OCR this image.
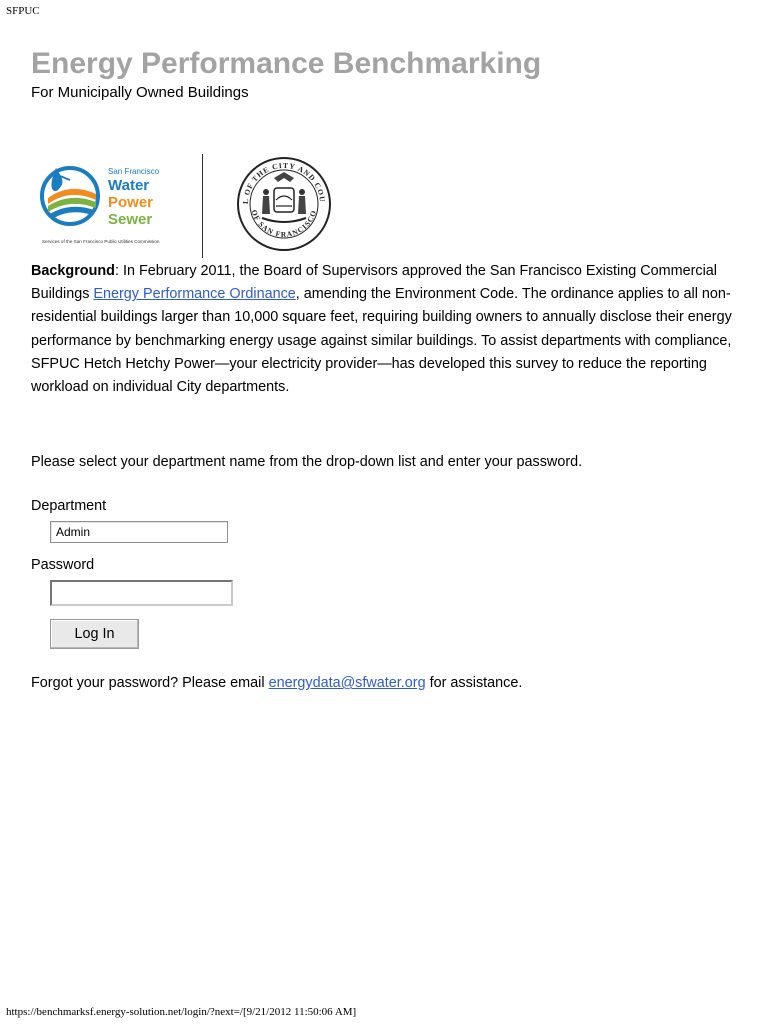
SFPUC
Energy Performance Benchmarking
For Municipally Owned Buildings
San Francisco
Water
Power
Sewer
Services of the San Francisco Public Utilities Commission
L OF THE CITY AND COU
OF SAN FRANCISCO

Background: In February 2011, the Board of Supervisors approved the San Francisco Existing Commercial Buildings Energy Performance Ordinance, amending the Environment Code. The ordinance applies to all non-residential buildings larger than 10,000 square feet, requiring building owners to annually disclose their energy performance by benchmarking energy usage against similar buildings. To assist departments with compliance, SFPUC Hetch Hetchy Power—your electricity provider—has developed this survey to reduce the reporting workload on individual City departments.

Please select your department name from the drop-down list and enter your password.
Department
Admin
Password
Log In
Forgot your password? Please email energydata@sfwater.org for assistance.
https://benchmarksf.energy-solution.net/login/?next=/[9/21/2012 11:50:06 AM]
